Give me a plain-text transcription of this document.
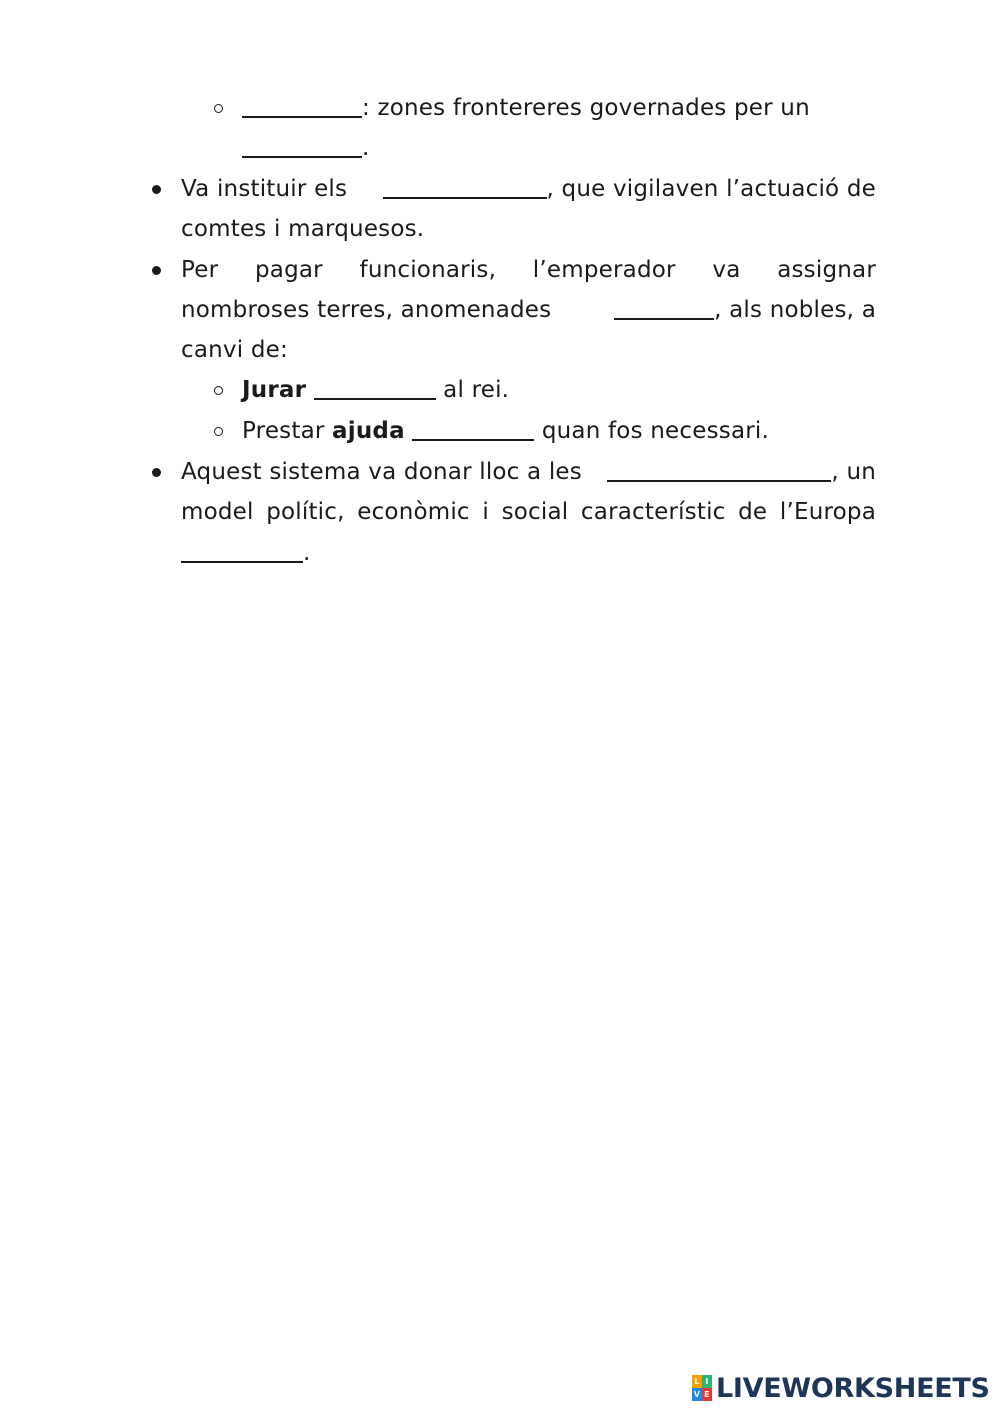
: zones frontereres governades per un
.
Va instituir els	, que vigilaven l’actuació de
comtes i marquesos.
Per pagar funcionaris, l’emperador va assignar
nombroses terres, anomenades	, als nobles, a
canvi de:
Jurar	al rei.
Prestar ajuda	quan fos necessari.
Aquest sistema va donar lloc a les	, un
model polític, econòmic i social característic de l’Europa
.
L I
V E LIVEWORKSHEETS
